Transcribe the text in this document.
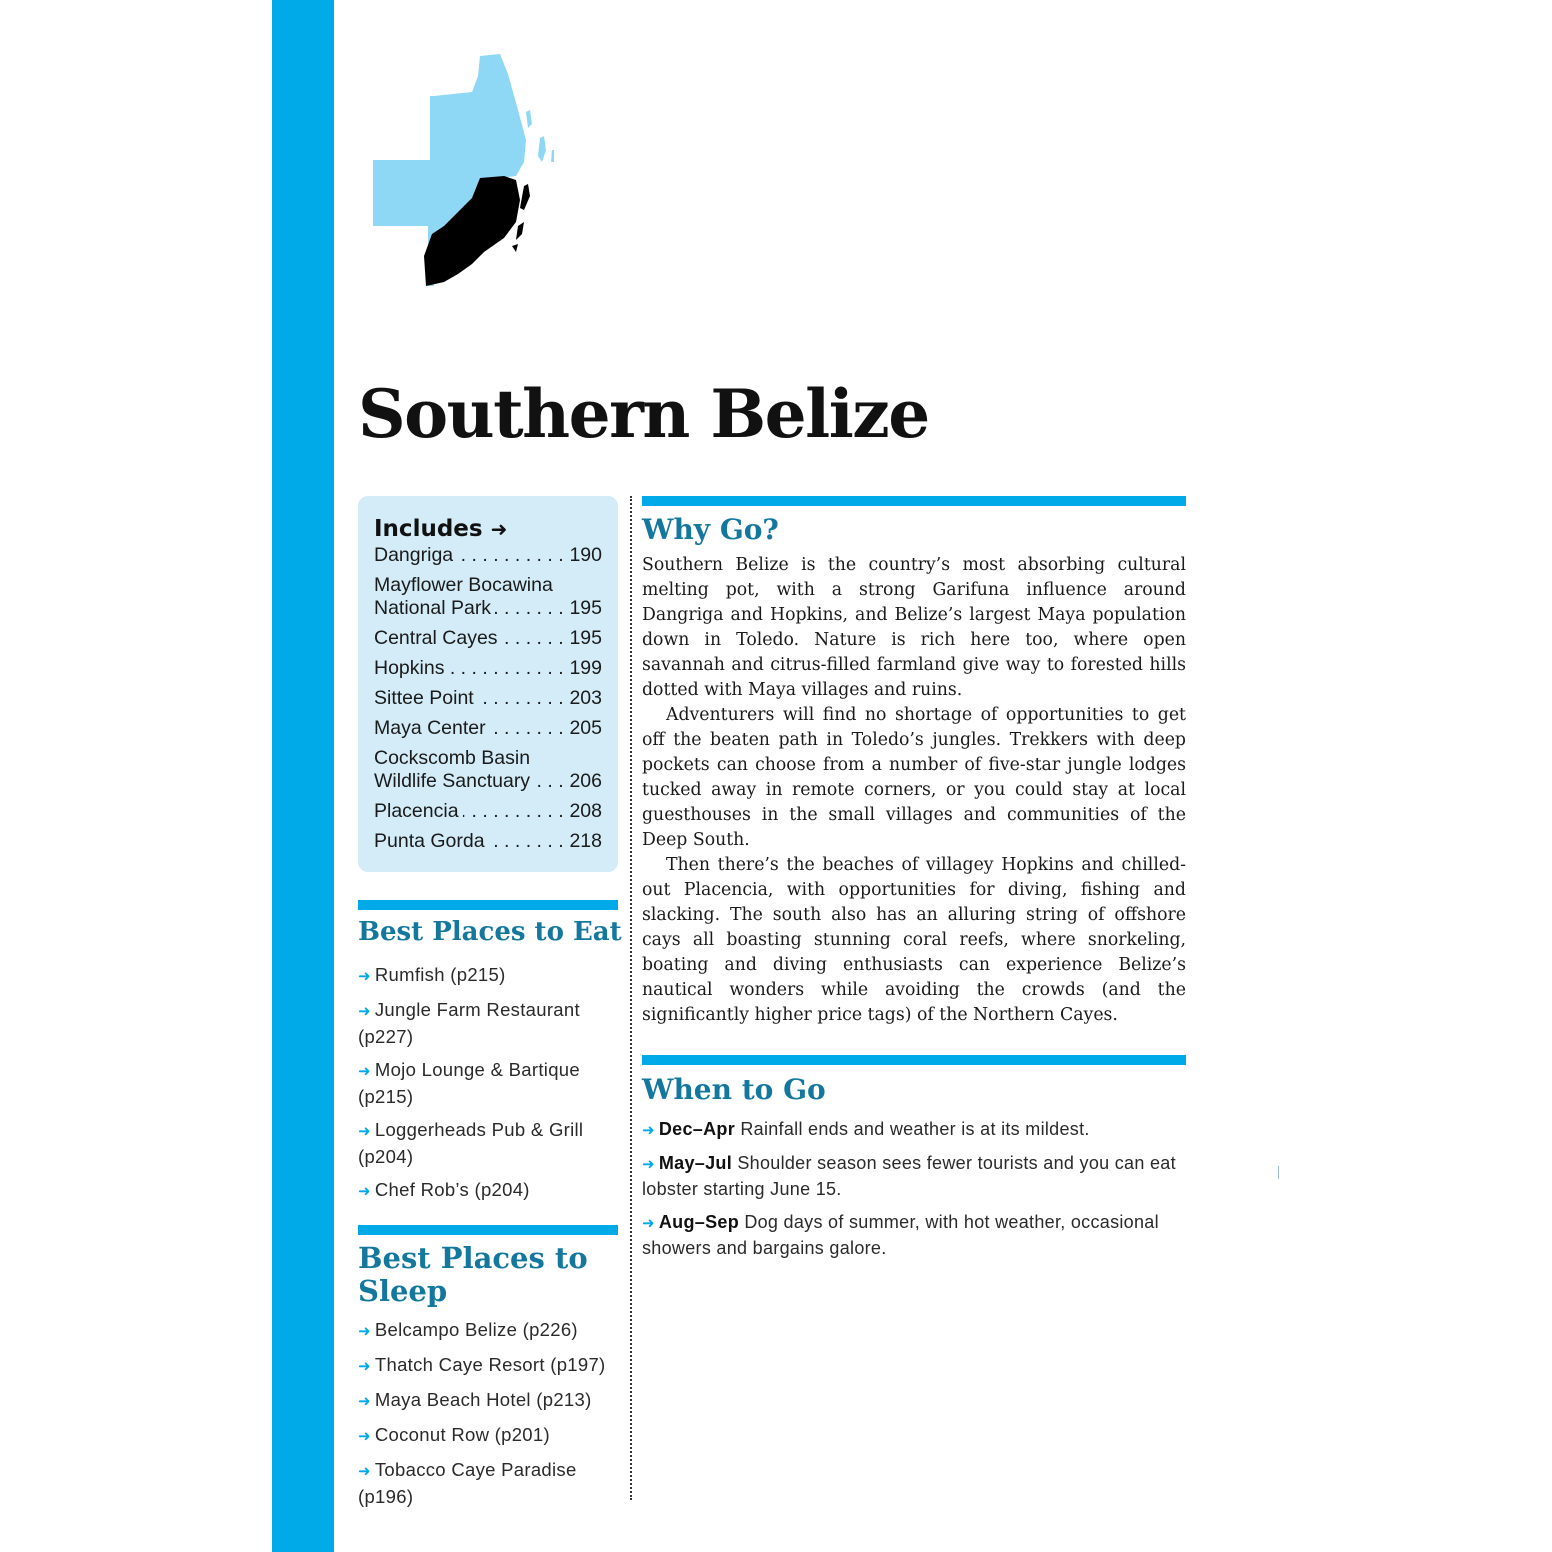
Southern Belize
Includes ➜
Dangriga . . .	190
Mayflower Bocawina
National Park . . .	195
Central Cayes . . .	195
Hopkins . . .	199
Sittee Point . . .	203
Maya Center . . .	205
Cockscomb Basin
Wildlife Sanctuary . . .	206
Placencia . . .	208
Punta Gorda . . .	218
Best Places to Eat
➜ Rumfish (p215)
➜ Jungle Farm Restaurant (p227)
➜ Mojo Lounge & Bartique (p215)
➜ Loggerheads Pub & Grill (p204)
➜ Chef Rob’s (p204)
Best Places to
Sleep
➜ Belcampo Belize (p226)
➜ Thatch Caye Resort (p197)
➜ Maya Beach Hotel (p213)
➜ Coconut Row (p201)
➜ Tobacco Caye Paradise (p196)
Why Go?

Southern Belize is the country’s most absorbing cultural melting pot, with a strong Garifuna influence around Dangriga and Hopkins, and Belize’s largest Maya population down in Toledo. Nature is rich here too, where open savannah and citrus-filled farmland give way to forested hills dotted with Maya villages and ruins.

Adventurers will find no shortage of opportunities to get off the beaten path in Toledo’s jungles. Trekkers with deep pockets can choose from a number of five-star jungle lodges tucked away in remote corners, or you could stay at local guesthouses in the small villages and communities of the Deep South.

Then there’s the beaches of villagey Hopkins and chilled-out Placencia, with opportunities for diving, fishing and slacking. The south also has an alluring string of offshore cays all boasting stunning coral reefs, where snorkeling, boating and diving enthusiasts can experience Belize’s nautical wonders while avoiding the crowds (and the significantly higher price tags) of the Northern Cayes.

When to Go
➜ Dec–Apr Rainfall ends and weather is at its mildest.
➜ May–Jul Shoulder season sees fewer tourists and you can eat lobster starting June 15.
➜ Aug–Sep Dog days of summer, with hot weather, occasional showers and bargains galore.
